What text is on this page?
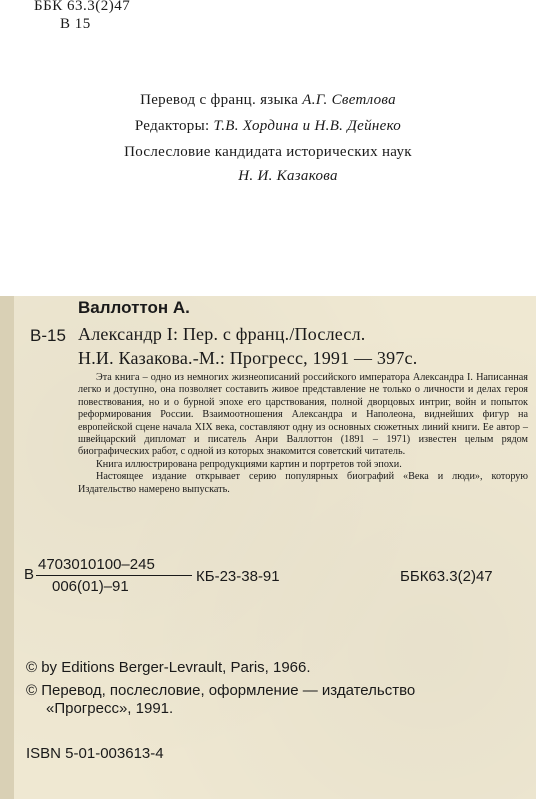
ББК 63.3(2)47
В 15
Перевод с франц. языка А.Г. Светлова
Редакторы: Т.В. Хордина и Н.В. Дейнеко
Послесловие кандидата исторических наук
Н. И. Казакова
Валлоттон А.
В-15 Александр I: Пер. с франц./Послесл.
Н.И. Казакова.-М.: Прогресс, 1991 — 397с.

Эта книга – одно из немногих жизнеописаний российского императора Александра I. Написанная легко и доступно, она позволяет составить живое представление не только о личности и делах героя повествования, но и о бурной эпохе его царствования, полной дворцовых интриг, войн и попыток реформирования России. Взаимоотношения Александра и Наполеона, виднейших фигур на европейской сцене начала XIX века, составляют одну из основных сюжетных линий книги. Ее автор – швейцарский дипломат и писатель Анри Валлоттон (1891 – 1971) известен целым рядом биографических работ, с одной из которых знакомится советский читатель.

Книга иллюстрирована репродукциями картин и портретов той эпохи.

Настоящее издание открывает серию популярных биографий «Века и люди», которую Издательство намерено выпускать.

В
4703010100–245
006(01)–91
КБ-23-38-91	ББК63.3(2)47
© by Editions Berger-Levrault, Paris, 1966.
© Перевод, послесловие, оформление — издательство
«Прогресс», 1991.
ISBN 5-01-003613-4
